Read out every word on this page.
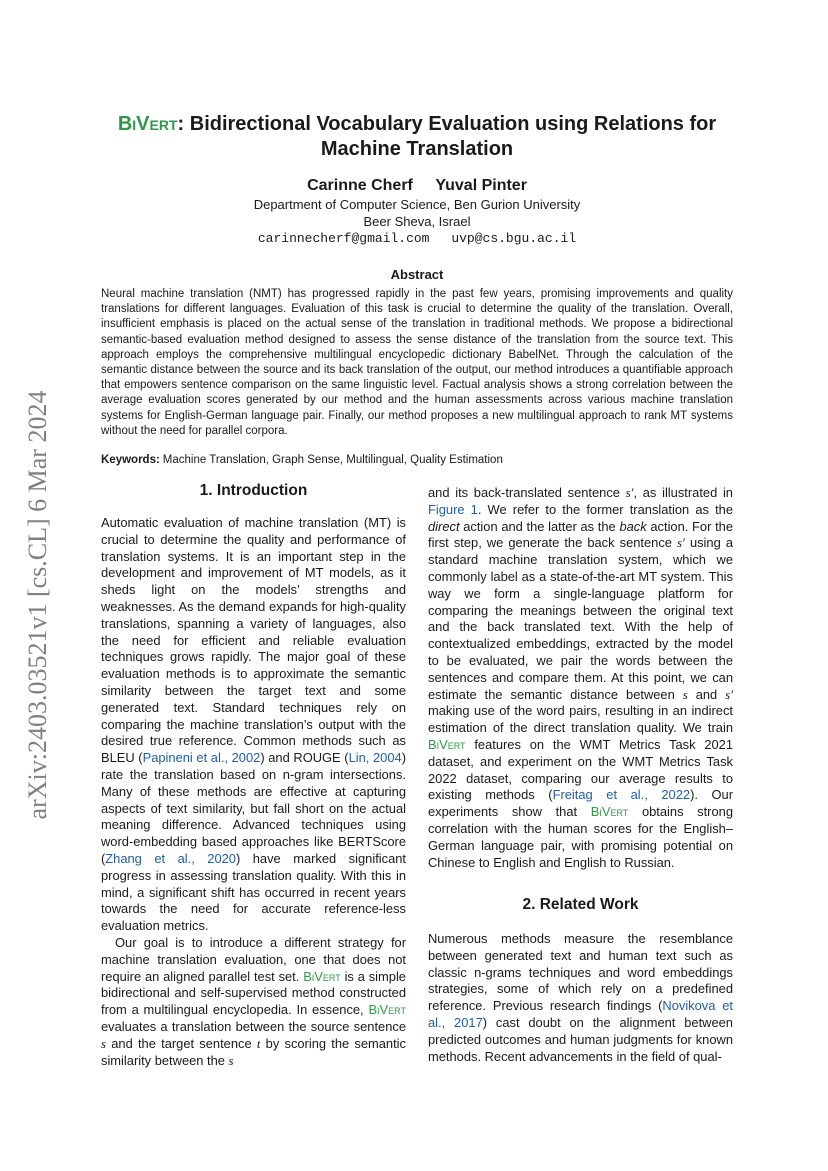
arXiv:2403.03521v1 [cs.CL] 6 Mar 2024
BiVert: Bidirectional Vocabulary Evaluation using Relations for Machine Translation
Carinne Cherf Yuval Pinter
Department of Computer Science, Ben Gurion University
Beer Sheva, Israel
carinnecherf@gmail.com uvp@cs.bgu.ac.il
Abstract
Neural machine translation (NMT) has progressed rapidly in the past few years, promising improvements and quality translations for different languages. Evaluation of this task is crucial to determine the quality of the translation. Overall, insufficient emphasis is placed on the actual sense of the translation in traditional methods. We propose a bidirectional semantic-based evaluation method designed to assess the sense distance of the translation from the source text. This approach employs the comprehensive multilingual encyclopedic dictionary BabelNet. Through the calculation of the semantic distance between the source and its back translation of the output, our method introduces a quantifiable approach that empowers sentence comparison on the same linguistic level. Factual analysis shows a strong correlation between the average evaluation scores generated by our method and the human assessments across various machine translation systems for English-German language pair. Finally, our method proposes a new multilingual approach to rank MT systems without the need for parallel corpora.
Keywords: Machine Translation, Graph Sense, Multilingual, Quality Estimation
1. Introduction

Automatic evaluation of machine translation (MT) is crucial to determine the quality and performance of translation systems. It is an important step in the development and improvement of MT models, as it sheds light on the models’ strengths and weaknesses. As the demand expands for high-quality translations, spanning a variety of languages, also the need for efficient and reliable evaluation techniques grows rapidly. The major goal of these evaluation methods is to approximate the semantic similarity between the target text and some generated text. Standard techniques rely on comparing the machine translation’s output with the desired true reference. Common methods such as BLEU (Papineni et al., 2002) and ROUGE (Lin, 2004) rate the translation based on n-gram intersections. Many of these methods are effective at capturing aspects of text similarity, but fall short on the actual meaning difference. Advanced techniques using word-embedding based approaches like BERTScore (Zhang et al., 2020) have marked significant progress in assessing translation quality. With this in mind, a significant shift has occurred in recent years towards the need for accurate reference-less evaluation metrics.

Our goal is to introduce a different strategy for machine translation evaluation, one that does not require an aligned parallel test set. BiVert is a simple bidirectional and self-supervised method constructed from a multilingual encyclopedia. In essence, BiVert evaluates a translation between the source sentence s and the target sentence t by scoring the semantic similarity between the s

and its back-translated sentence s′, as illustrated in Figure 1. We refer to the former translation as the direct action and the latter as the back action. For the first step, we generate the back sentence s′ using a standard machine translation system, which we commonly label as a state-of-the-art MT system. This way we form a single-language platform for comparing the meanings between the original text and the back translated text. With the help of contextualized embeddings, extracted by the model to be evaluated, we pair the words between the sentences and compare them. At this point, we can estimate the semantic distance between s and s′ making use of the word pairs, resulting in an indirect estimation of the direct translation quality. We train BiVert features on the WMT Metrics Task 2021 dataset, and experiment on the WMT Metrics Task 2022 dataset, comparing our average results to existing methods (Freitag et al., 2022). Our experiments show that BiVert obtains strong correlation with the human scores for the English–German language pair, with promising potential on Chinese to English and English to Russian.

2. Related Work

Numerous methods measure the resemblance between generated text and human text such as classic n-grams techniques and word embeddings strategies, some of which rely on a predefined reference. Previous research findings (Novikova et al., 2017) cast doubt on the alignment between predicted outcomes and human judgments for known methods. Recent advancements in the field of qual-
